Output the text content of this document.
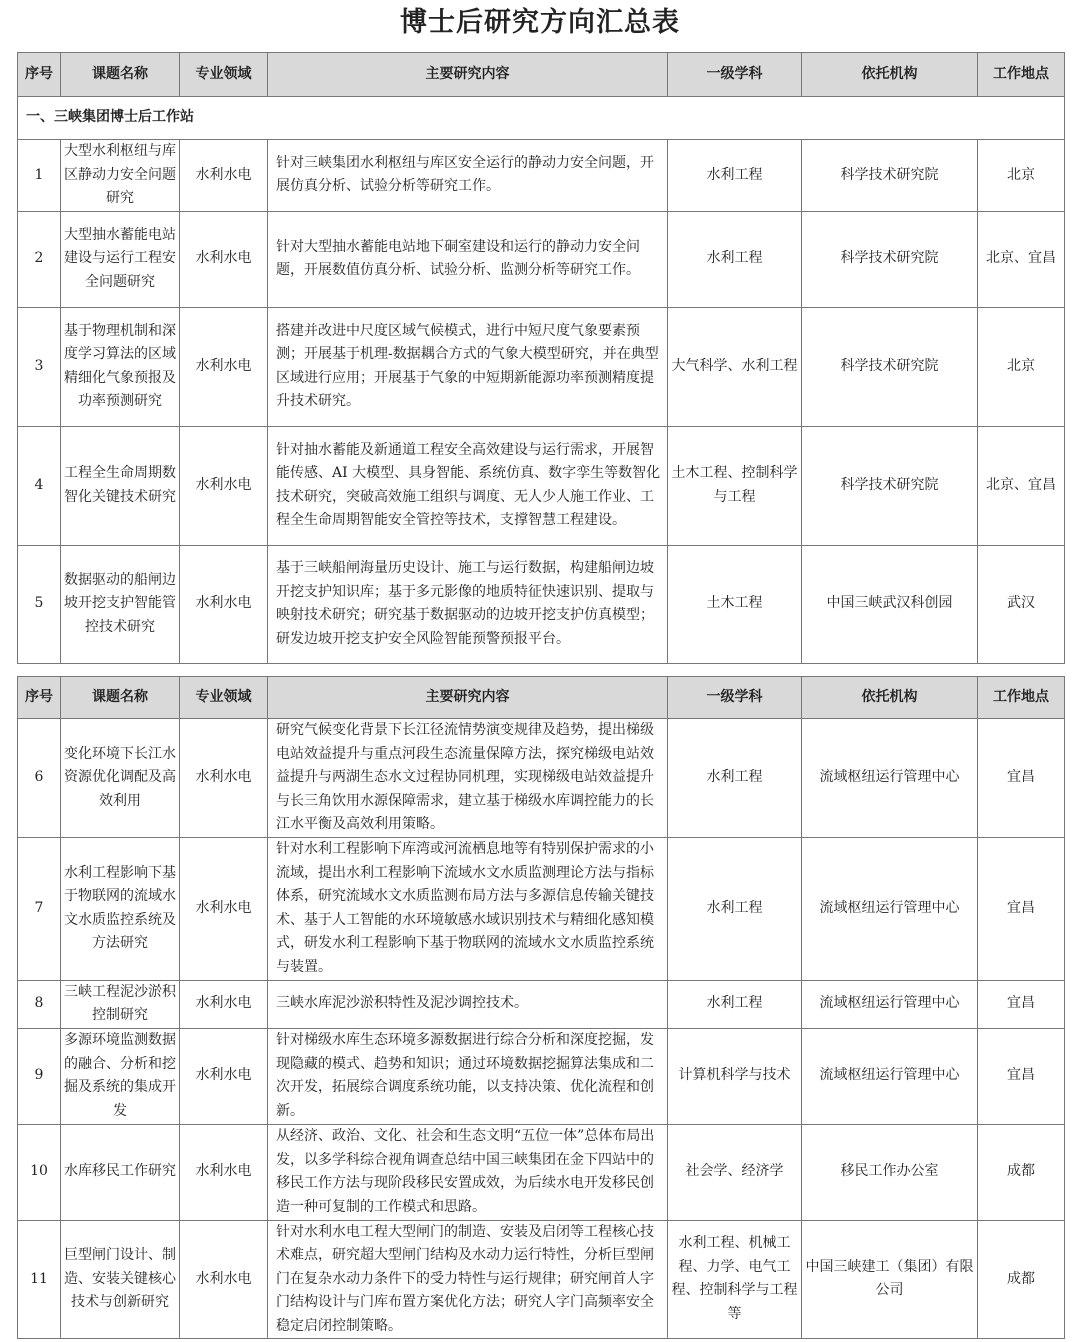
博士后研究方向汇总表
序号	课题名称	专业领域	主要研究内容	一级学科	依托机构	工作地点
一、三峡集团博士后工作站						
1	大型水利枢纽与库区静动力安全问题研究	水利水电	针对三峡集团水利枢纽与库区安全运行的静动力安全问题，开展仿真分析、试验分析等研究工作。	水利工程	科学技术研究院	北京
2	大型抽水蓄能电站建设与运行工程安全问题研究	水利水电	针对大型抽水蓄能电站地下硐室建设和运行的静动力安全问题，开展数值仿真分析、试验分析、监测分析等研究工作。	水利工程	科学技术研究院	北京、宜昌
3	基于物理机制和深度学习算法的区域精细化气象预报及功率预测研究	水利水电	搭建并改进中尺度区域气候模式，进行中短尺度气象要素预测；开展基于机理-数据耦合方式的气象大模型研究，并在典型区域进行应用；开展基于气象的中短期新能源功率预测精度提升技术研究。	大气科学、水利工程	科学技术研究院	北京
4	工程全生命周期数智化关键技术研究	水利水电	针对抽水蓄能及新通道工程安全高效建设与运行需求，开展智能传感、AI 大模型、具身智能、系统仿真、数字孪生等数智化技术研究，突破高效施工组织与调度、无人少人施工作业、工程全生命周期智能安全管控等技术，支撑智慧工程建设。	土木工程、控制科学与工程	科学技术研究院	北京、宜昌
5	数据驱动的船闸边坡开挖支护智能管控技术研究	水利水电	基于三峡船闸海量历史设计、施工与运行数据，构建船闸边坡开挖支护知识库；基于多元影像的地质特征快速识别、提取与映射技术研究；研究基于数据驱动的边坡开挖支护仿真模型；研发边坡开挖支护安全风险智能预警预报平台。	土木工程	中国三峡武汉科创园	武汉
序号	课题名称	专业领域	主要研究内容	一级学科	依托机构	工作地点
6	变化环境下长江水资源优化调配及高效利用	水利水电	研究气候变化背景下长江径流情势演变规律及趋势，提出梯级电站效益提升与重点河段生态流量保障方法，探究梯级电站效益提升与两湖生态水文过程协同机理，实现梯级电站效益提升与长三角饮用水源保障需求，建立基于梯级水库调控能力的长江水平衡及高效利用策略。	水利工程	流域枢纽运行管理中心	宜昌
7	水利工程影响下基于物联网的流域水文水质监控系统及方法研究	水利水电	针对水利工程影响下库湾或河流栖息地等有特别保护需求的小流域，提出水利工程影响下流域水文水质监测理论方法与指标体系，研究流域水文水质监测布局方法与多源信息传输关键技术、基于人工智能的水环境敏感水域识别技术与精细化感知模式，研发水利工程影响下基于物联网的流域水文水质监控系统与装置。	水利工程	流域枢纽运行管理中心	宜昌
8	三峡工程泥沙淤积控制研究	水利水电	三峡水库泥沙淤积特性及泥沙调控技术。	水利工程	流域枢纽运行管理中心	宜昌
9	多源环境监测数据的融合、分析和挖掘及系统的集成开发	水利水电	针对梯级水库生态环境多源数据进行综合分析和深度挖掘，发现隐藏的模式、趋势和知识；通过环境数据挖掘算法集成和二次开发，拓展综合调度系统功能，以支持决策、优化流程和创新。	计算机科学与技术	流域枢纽运行管理中心	宜昌
10	水库移民工作研究	水利水电	从经济、政治、文化、社会和生态文明“五位一体”总体布局出发，以多学科综合视角调查总结中国三峡集团在金下四站中的移民工作方法与现阶段移民安置成效，为后续水电开发移民创造一种可复制的工作模式和思路。	社会学、经济学	移民工作办公室	成都
11	巨型闸门设计、制造、安装关键核心技术与创新研究	水利水电	针对水利水电工程大型闸门的制造、安装及启闭等工程核心技术难点，研究超大型闸门结构及水动力运行特性，分析巨型闸门在复杂水动力条件下的受力特性与运行规律；研究闸首人字门结构设计与门库布置方案优化方法；研究人字门高频率安全稳定启闭控制策略。	水利工程、机械工程、力学、电气工程、控制科学与工程等	中国三峡建工（集团）有限公司	成都
